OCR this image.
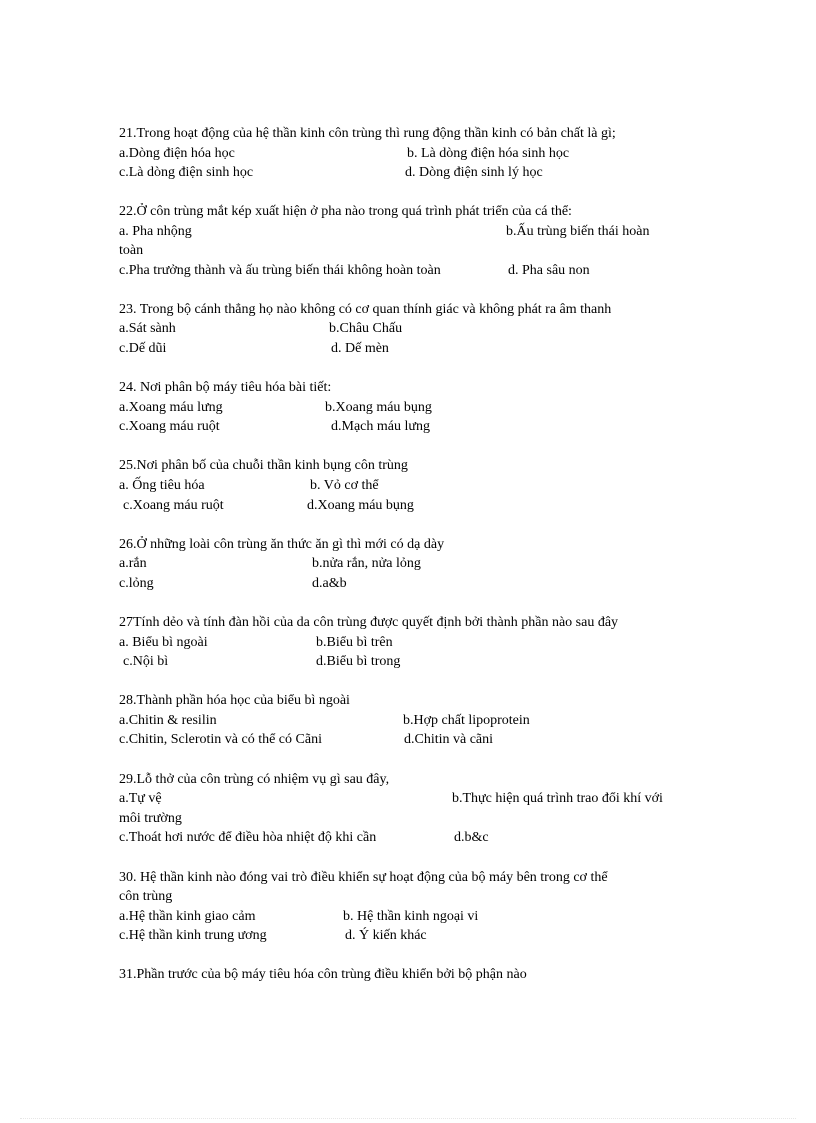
21.Trong hoạt động của hệ thần kinh côn trùng thì rung động thần kinh có bản chất là gì;
a.Dòng điện hóa học	b. Là dòng điện hóa sinh học
c.Là dòng điện sinh học	d. Dòng điện sinh lý học
22.Ở côn trùng mắt kép xuất hiện ở pha nào trong quá trình phát triển của cá thể:
a. Pha nhộng	b.Ấu trùng biến thái hoàn
toàn
c.Pha trưởng thành và ấu trùng biến thái không hoàn toàn	d. Pha sâu non
23. Trong bộ cánh thẳng họ nào không có cơ quan thính giác và không phát ra âm thanh
a.Sát sành	b.Châu Chấu
c.Dế dũi	d. Dế mèn
24. Nơi phân bộ máy tiêu hóa bài tiết:
a.Xoang máu lưng	b.Xoang máu bụng
c.Xoang máu ruột	d.Mạch máu lưng
25.Nơi phân bố của chuỗi thần kinh bụng côn trùng
a. Ống tiêu hóa	b. Vỏ cơ thể
c.Xoang máu ruột	d.Xoang máu bụng
26.Ở những loài côn trùng ăn thức ăn gì thì mới có dạ dày
a.rắn	b.nửa rắn, nửa lỏng
c.lỏng	d.a&b
27Tính dẻo và tính đàn hồi của da côn trùng được quyết định bởi thành phần nào sau đây
a. Biểu bì ngoài	b.Biểu bì trên
c.Nội bì	d.Biểu bì trong
28.Thành phần hóa học của biểu bì ngoài
a.Chitin & resilin	b.Hợp chất lipoprotein
c.Chitin, Sclerotin và có thể có Cãni	d.Chitin và cãni
29.Lỗ thở của côn trùng có nhiệm vụ gì sau đây,
a.Tự vệ	b.Thực hiện quá trình trao đổi khí với
môi trường
c.Thoát hơi nước để điều hòa nhiệt độ khi cần	d.b&c
30. Hệ thần kinh nào đóng vai trò điều khiển sự hoạt động của bộ máy bên trong cơ thể
côn trùng
a.Hệ thần kinh giao cảm	b. Hệ thần kinh ngoại vi
c.Hệ thần kinh trung ương	d. Ý kiến khác
31.Phần trước của bộ máy tiêu hóa côn trùng điều khiển bởi bộ phận nào
